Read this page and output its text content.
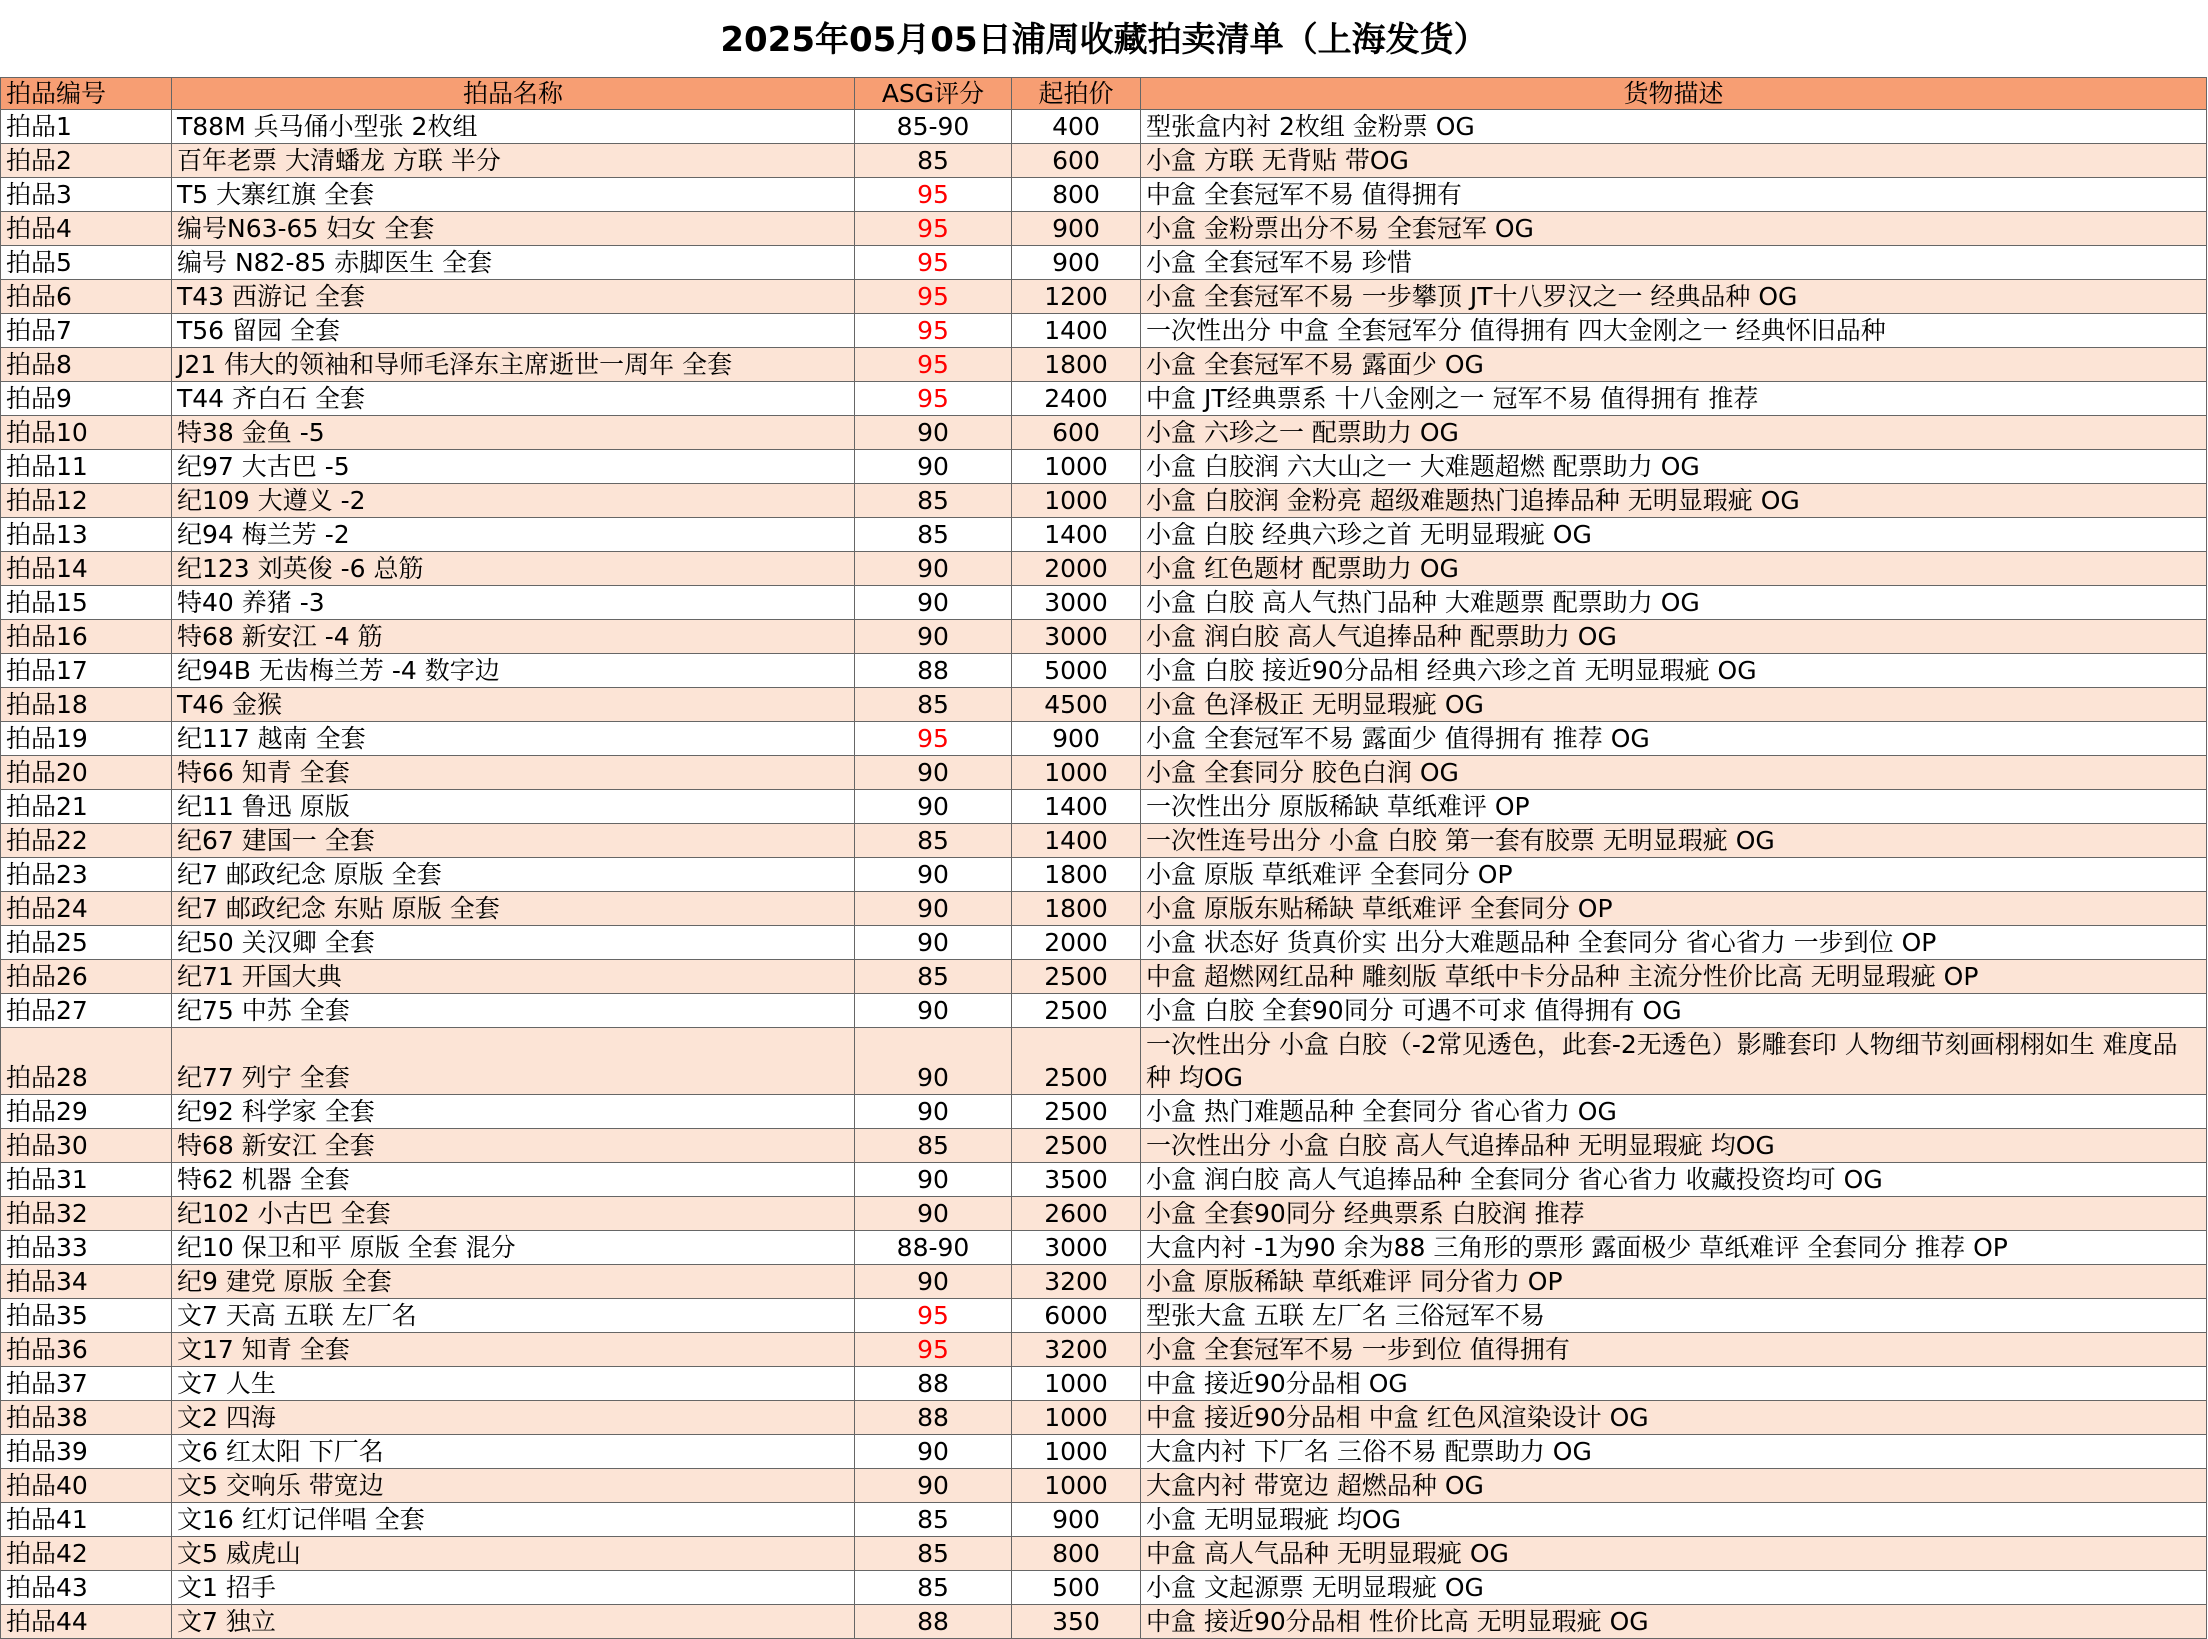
2025年05月05日浦周收藏拍卖清单（上海发货）
拍品编号	拍品名称	ASG评分	起拍价	货物描述
拍品1	T88M 兵马俑小型张 2枚组	85-90	400	型张盒内衬 2枚组 金粉票 OG
拍品2	百年老票 大清蟠龙 方联 半分	85	600	小盒 方联 无背贴 带OG
拍品3	T5 大寨红旗 全套	95	800	中盒 全套冠军不易 值得拥有
拍品4	编号N63-65 妇女 全套	95	900	小盒 金粉票出分不易 全套冠军 OG
拍品5	编号 N82-85 赤脚医生 全套	95	900	小盒 全套冠军不易 珍惜
拍品6	T43 西游记 全套	95	1200	小盒 全套冠军不易 一步攀顶 JT十八罗汉之一 经典品种 OG
拍品7	T56 留园 全套	95	1400	一次性出分 中盒 全套冠军分 值得拥有 四大金刚之一 经典怀旧品种
拍品8	J21 伟大的领袖和导师毛泽东主席逝世一周年 全套	95	1800	小盒 全套冠军不易 露面少 OG
拍品9	T44 齐白石 全套	95	2400	中盒 JT经典票系 十八金刚之一 冠军不易 值得拥有 推荐
拍品10	特38 金鱼 -5	90	600	小盒 六珍之一 配票助力 OG
拍品11	纪97 大古巴 -5	90	1000	小盒 白胶润 六大山之一 大难题超燃 配票助力 OG
拍品12	纪109 大遵义 -2	85	1000	小盒 白胶润 金粉亮 超级难题热门追捧品种 无明显瑕疵 OG
拍品13	纪94 梅兰芳 -2	85	1400	小盒 白胶 经典六珍之首 无明显瑕疵 OG
拍品14	纪123 刘英俊 -6 总筋	90	2000	小盒 红色题材 配票助力 OG
拍品15	特40 养猪 -3	90	3000	小盒 白胶 高人气热门品种 大难题票 配票助力 OG
拍品16	特68 新安江 -4 筋	90	3000	小盒 润白胶 高人气追捧品种 配票助力 OG
拍品17	纪94B 无齿梅兰芳 -4 数字边	88	5000	小盒 白胶 接近90分品相 经典六珍之首 无明显瑕疵 OG
拍品18	T46 金猴	85	4500	小盒 色泽极正 无明显瑕疵 OG
拍品19	纪117 越南 全套	95	900	小盒 全套冠军不易 露面少 值得拥有 推荐 OG
拍品20	特66 知青 全套	90	1000	小盒 全套同分 胶色白润 OG
拍品21	纪11 鲁迅 原版	90	1400	一次性出分 原版稀缺 草纸难评 OP
拍品22	纪67 建国一 全套	85	1400	一次性连号出分 小盒 白胶 第一套有胶票 无明显瑕疵 OG
拍品23	纪7 邮政纪念 原版 全套	90	1800	小盒 原版 草纸难评 全套同分 OP
拍品24	纪7 邮政纪念 东贴 原版 全套	90	1800	小盒 原版东贴稀缺 草纸难评 全套同分 OP
拍品25	纪50 关汉卿 全套	90	2000	小盒 状态好 货真价实 出分大难题品种 全套同分 省心省力 一步到位 OP
拍品26	纪71 开国大典	85	2500	中盒 超燃网红品种 雕刻版 草纸中卡分品种 主流分性价比高 无明显瑕疵 OP
拍品27	纪75 中苏 全套	90	2500	小盒 白胶 全套90同分 可遇不可求 值得拥有 OG
拍品28	纪77 列宁 全套	90	2500	一次性出分 小盒 白胶（-2常见透色，此套-2无透色）影雕套印 人物细节刻画栩栩如生 难度品种 均OG
拍品29	纪92 科学家 全套	90	2500	小盒 热门难题品种 全套同分 省心省力 OG
拍品30	特68 新安江 全套	85	2500	一次性出分 小盒 白胶 高人气追捧品种 无明显瑕疵 均OG
拍品31	特62 机器 全套	90	3500	小盒 润白胶 高人气追捧品种 全套同分 省心省力 收藏投资均可 OG
拍品32	纪102 小古巴 全套	90	2600	小盒 全套90同分 经典票系 白胶润 推荐
拍品33	纪10 保卫和平 原版 全套 混分	88-90	3000	大盒内衬 -1为90 余为88 三角形的票形 露面极少 草纸难评 全套同分 推荐 OP
拍品34	纪9 建党 原版 全套	90	3200	小盒 原版稀缺 草纸难评 同分省力 OP
拍品35	文7 天高 五联 左厂名	95	6000	型张大盒 五联 左厂名 三俗冠军不易
拍品36	文17 知青 全套	95	3200	小盒 全套冠军不易 一步到位 值得拥有
拍品37	文7 人生	88	1000	中盒 接近90分品相 OG
拍品38	文2 四海	88	1000	中盒 接近90分品相 中盒 红色风渲染设计 OG
拍品39	文6 红太阳 下厂名	90	1000	大盒内衬 下厂名 三俗不易 配票助力 OG
拍品40	文5 交响乐 带宽边	90	1000	大盒内衬 带宽边 超燃品种 OG
拍品41	文16 红灯记伴唱 全套	85	900	小盒 无明显瑕疵 均OG
拍品42	文5 威虎山	85	800	中盒 高人气品种 无明显瑕疵 OG
拍品43	文1 招手	85	500	小盒 文起源票 无明显瑕疵 OG
拍品44	文7 独立	88	350	中盒 接近90分品相 性价比高 无明显瑕疵 OG
